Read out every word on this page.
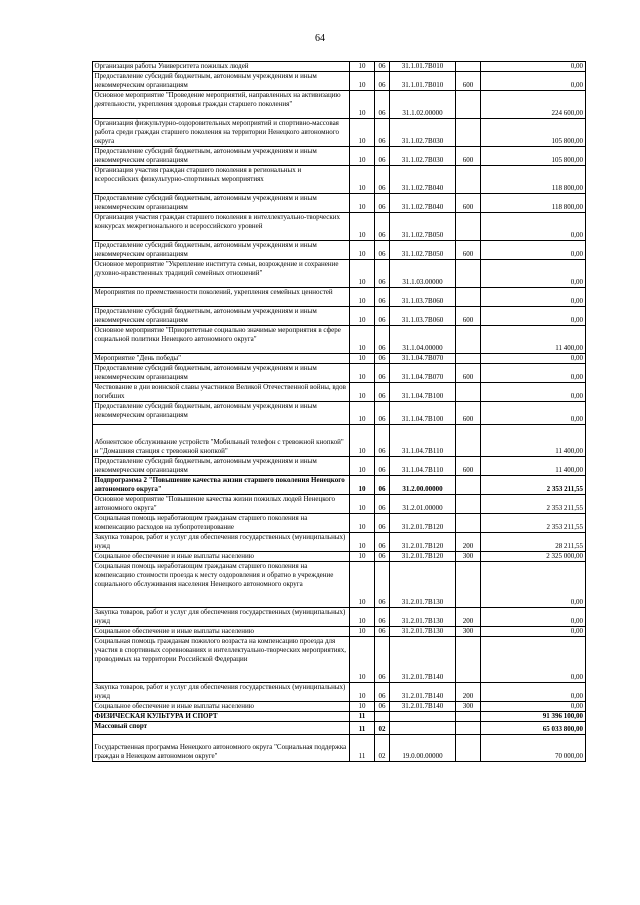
64
Организация работы Университета пожилых людей	10	06	31.1.01.7В010		0,00
Предоставление субсидий бюджетным, автономным учреждениям и иным некоммерческим организациям	10	06	31.1.01.7В010	600	0,00
Основное мероприятие "Проведение мероприятий, направленных на активизацию деятельности, укрепления здоровья граждан старшего поколения"	10	06	31.1.02.00000		224 600,00
Организация физкультурно-оздоровительных мероприятий и спортивно-массовая работа среди граждан старшего поколения на территории Ненецкого автономного округа	10	06	31.1.02.7В030		105 800,00
Предоставление субсидий бюджетным, автономным учреждениям и иным некоммерческим организациям	10	06	31.1.02.7В030	600	105 800,00
Организация участия граждан старшего поколения в региональных и всероссийских физкультурно-спортивных мероприятиях	10	06	31.1.02.7В040		118 800,00
Предоставление субсидий бюджетным, автономным учреждениям и иным некоммерческим организациям	10	06	31.1.02.7В040	600	118 800,00
Организация участия граждан старшего поколения в интеллектуально-творческих конкурсах межрегионального и всероссийского уровней	10	06	31.1.02.7В050		0,00
Предоставление субсидий бюджетным, автономным учреждениям и иным некоммерческим организациям	10	06	31.1.02.7В050	600	0,00
Основное мероприятие "Укрепление института семьи, возрождение и сохранение духовно-нравственных традиций семейных отношений"	10	06	31.1.03.00000		0,00
Мероприятия по преемственности поколений, укрепления семейных ценностей	10	06	31.1.03.7В060		0,00
Предоставление субсидий бюджетным, автономным учреждениям и иным некоммерческим организациям	10	06	31.1.03.7В060	600	0,00
Основное мероприятие "Приоритетные социально значимые мероприятия в сфере социальной политики Ненецкого автономного округа"	10	06	31.1.04.00000		11 400,00
Мероприятие "День победы"	10	06	31.1.04.7В070		0,00
Предоставление субсидий бюджетным, автономным учреждениям и иным некоммерческим организациям	10	06	31.1.04.7В070	600	0,00
Чествование в дни воинской славы участников Великой Отечественной войны, вдов погибших	10	06	31.1.04.7В100		0,00
Предоставление субсидий бюджетным, автономным учреждениям и иным некоммерческим организациям	10	06	31.1.04.7В100	600	0,00
Абонентское обслуживание устройств "Мобильный телефон с тревожной кнопкой" и "Домашняя станция с тревожной кнопкой"	10	06	31.1.04.7В110		11 400,00
Предоставление субсидий бюджетным, автономным учреждениям и иным некоммерческим организациям	10	06	31.1.04.7В110	600	11 400,00
Подпрограмма 2 "Повышение качества жизни старшего поколения Ненецкого автономного округа"	10	06	31.2.00.00000		2 353 211,55
Основное мероприятие "Повышение качества жизни пожилых людей Ненецкого автономного округа"	10	06	31.2.01.00000		2 353 211,55
Социальная помощь неработающим гражданам старшего поколения на компенсацию расходов на зубопротезирование	10	06	31.2.01.7В120		2 353 211,55
Закупка товаров, работ и услуг для обеспечения государственных (муниципальных) нужд	10	06	31.2.01.7В120	200	28 211,55
Социальное обеспечение и иные выплаты населению	10	06	31.2.01.7В120	300	2 325 000,00
Социальная помощь неработающим гражданам старшего поколения на компенсацию стоимости проезда к месту оздоровления и обратно в учреждение социального обслуживания населения Ненецкого автономного округа	10	06	31.2.01.7В130		0,00
Закупка товаров, работ и услуг для обеспечения государственных (муниципальных) нужд	10	06	31.2.01.7В130	200	0,00
Социальное обеспечение и иные выплаты населению	10	06	31.2.01.7В130	300	0,00
Социальная помощь гражданам пожилого возраста на компенсацию проезда для участия в спортивных соревнованиях и интеллектуально-творческих мероприятиях, проводимых на территории Российской Федерации	10	06	31.2.01.7В140		0,00
Закупка товаров, работ и услуг для обеспечения государственных (муниципальных) нужд	10	06	31.2.01.7В140	200	0,00
Социальное обеспечение и иные выплаты населению	10	06	31.2.01.7В140	300	0,00
ФИЗИЧЕСКАЯ КУЛЬТУРА И СПОРТ	11				91 396 100,00
Массовый спорт	11	02			65 033 800,00
Государственная программа Ненецкого автономного округа "Социальная поддержка граждан в Ненецком автономном округе"	11	02	19.0.00.00000		70 000,00
